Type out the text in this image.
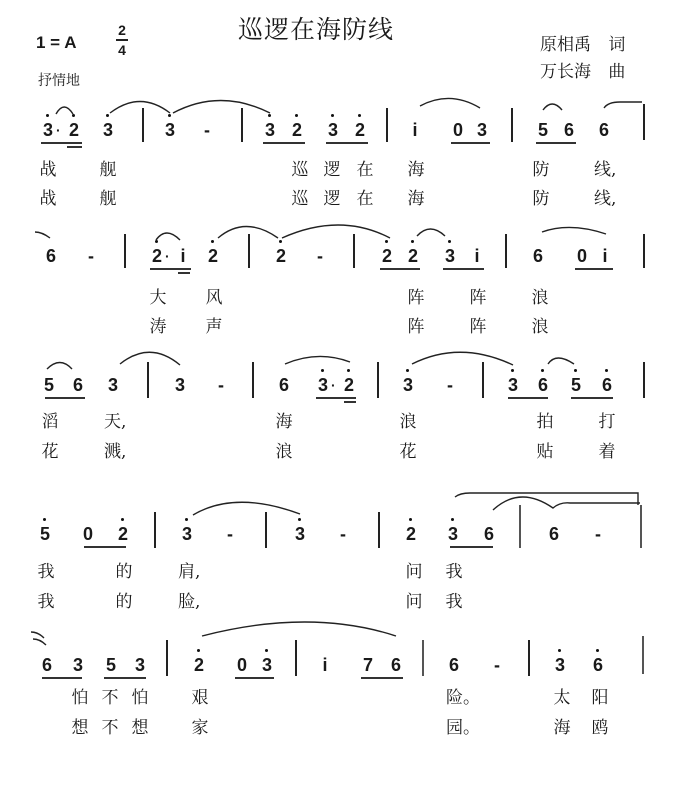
巡逻在海防线
1 = A
2
4
抒情地
原相禹 词
万长海 曲
3 · 2 3	3 -	3 2 3 2	i 0 3	5 6 6
战	舰	巡 逻 在 海	防	线,
战	舰	巡 逻 在 海	防	线,
6 -	2 · i 2	2 -	2 2 3 i	6 0 i
大 风	阵	阵	浪
涛 声	阵	阵	浪
5 6 3	3 -	6 3 · 2	3 -	3 6 5 6
滔	天,	海	浪	拍	打
花	溅,	浪	花	贴	着
5 0 2	3 -	3 -	2 3 6	6 -
我	的	肩,	问 我
我	的	脸,	问 我
6 3 5 3	2 0 3	i 7 6	6 -	3 6
怕 不 怕	艰	险。	太 阳
想 不 想	家	园。	海 鸥
